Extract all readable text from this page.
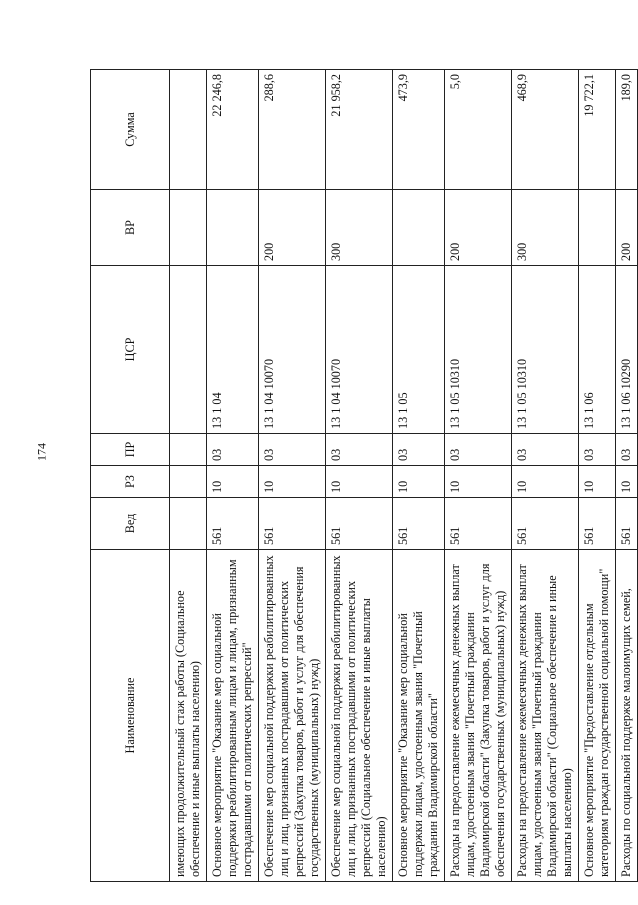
174
Наименование	Вед	РЗ	ПР	ЦСР	ВР	Сумма
имеющих продолжительный стаж работы (Социальное обеспечение и иные выплаты населению)						
Основное мероприятие "Оказание мер социальной поддержки реабилитированным лицам и лицам, признанным пострадавшими от политических репрессий"	561	10	03	13 1 04		22 246,8
Обеспечение мер социальной поддержки реабилитированных лиц и лиц, признанных пострадавшими от политических репрессий (Закупка товаров, работ и услуг для обеспечения государственных (муниципальных) нужд)	561	10	03	13 1 04 10070	200	288,6
Обеспечение мер социальной поддержки реабилитированных лиц и лиц, признанных пострадавшими от политических репрессий (Социальное обеспечение и иные выплаты населению)	561	10	03	13 1 04 10070	300	21 958,2
Основное мероприятие "Оказание мер социальной поддержки лицам, удостоенным звания "Почетный гражданин Владимирской области"	561	10	03	13 1 05		473,9
Расходы на предоставление ежемесячных денежных выплат лицам, удостоенным звания "Почетный гражданин Владимирской области" (Закупка товаров, работ и услуг для обеспечения государственных (муниципальных) нужд)	561	10	03	13 1 05 10310	200	5,0
Расходы на предоставление ежемесячных денежных выплат лицам, удостоенным звания "Почетный гражданин Владимирской области" (Социальное обеспечение и иные выплаты населению)	561	10	03	13 1 05 10310	300	468,9
Основное мероприятие "Предоставление отдельным категориям граждан государственной социальной помощи"	561	10	03	13 1 06		19 722,1
Расходы по социальной поддержке малоимущих семей,	561	10	03	13 1 06 10290	200	189,0
